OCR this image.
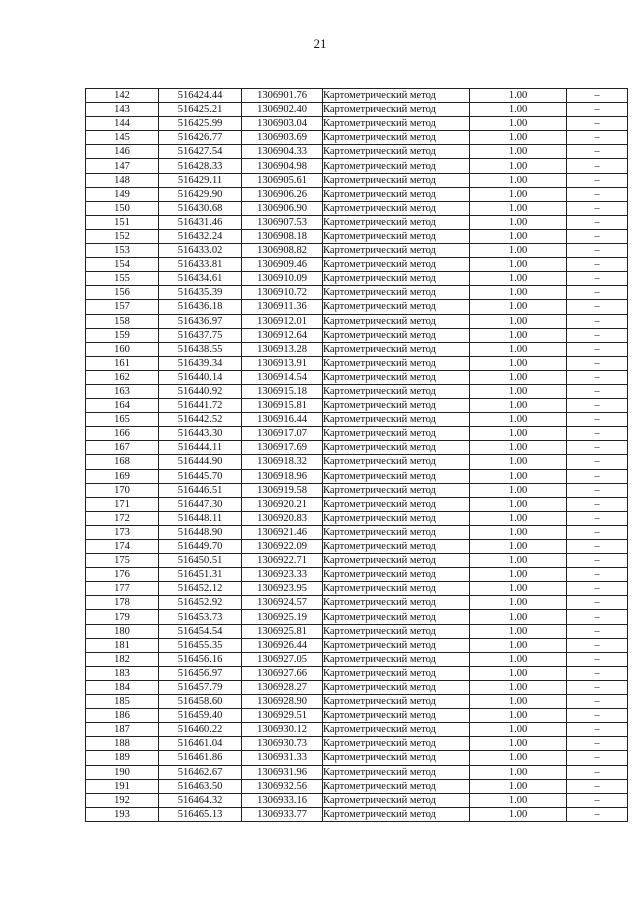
21
142	516424.44	1306901.76	Картометрический метод	1.00	–
143	516425.21	1306902.40	Картометрический метод	1.00	–
144	516425.99	1306903.04	Картометрический метод	1.00	–
145	516426.77	1306903.69	Картометрический метод	1.00	–
146	516427.54	1306904.33	Картометрический метод	1.00	–
147	516428.33	1306904.98	Картометрический метод	1.00	–
148	516429.11	1306905.61	Картометрический метод	1.00	–
149	516429.90	1306906.26	Картометрический метод	1.00	–
150	516430.68	1306906.90	Картометрический метод	1.00	–
151	516431.46	1306907.53	Картометрический метод	1.00	–
152	516432.24	1306908.18	Картометрический метод	1.00	–
153	516433.02	1306908.82	Картометрический метод	1.00	–
154	516433.81	1306909.46	Картометрический метод	1.00	–
155	516434.61	1306910.09	Картометрический метод	1.00	–
156	516435.39	1306910.72	Картометрический метод	1.00	–
157	516436.18	1306911.36	Картометрический метод	1.00	–
158	516436.97	1306912.01	Картометрический метод	1.00	–
159	516437.75	1306912.64	Картометрический метод	1.00	–
160	516438.55	1306913.28	Картометрический метод	1.00	–
161	516439.34	1306913.91	Картометрический метод	1.00	–
162	516440.14	1306914.54	Картометрический метод	1.00	–
163	516440.92	1306915.18	Картометрический метод	1.00	–
164	516441.72	1306915.81	Картометрический метод	1.00	–
165	516442.52	1306916.44	Картометрический метод	1.00	–
166	516443.30	1306917.07	Картометрический метод	1.00	–
167	516444.11	1306917.69	Картометрический метод	1.00	–
168	516444.90	1306918.32	Картометрический метод	1.00	–
169	516445.70	1306918.96	Картометрический метод	1.00	–
170	516446.51	1306919.58	Картометрический метод	1.00	–
171	516447.30	1306920.21	Картометрический метод	1.00	–
172	516448.11	1306920.83	Картометрический метод	1.00	–
173	516448.90	1306921.46	Картометрический метод	1.00	–
174	516449.70	1306922.09	Картометрический метод	1.00	–
175	516450.51	1306922.71	Картометрический метод	1.00	–
176	516451.31	1306923.33	Картометрический метод	1.00	–
177	516452.12	1306923.95	Картометрический метод	1.00	–
178	516452.92	1306924.57	Картометрический метод	1.00	–
179	516453.73	1306925.19	Картометрический метод	1.00	–
180	516454.54	1306925.81	Картометрический метод	1.00	–
181	516455.35	1306926.44	Картометрический метод	1.00	–
182	516456.16	1306927.05	Картометрический метод	1.00	–
183	516456.97	1306927.66	Картометрический метод	1.00	–
184	516457.79	1306928.27	Картометрический метод	1.00	–
185	516458.60	1306928.90	Картометрический метод	1.00	–
186	516459.40	1306929.51	Картометрический метод	1.00	–
187	516460.22	1306930.12	Картометрический метод	1.00	–
188	516461.04	1306930.73	Картометрический метод	1.00	–
189	516461.86	1306931.33	Картометрический метод	1.00	–
190	516462.67	1306931.96	Картометрический метод	1.00	–
191	516463.50	1306932.56	Картометрический метод	1.00	–
192	516464.32	1306933.16	Картометрический метод	1.00	–
193	516465.13	1306933.77	Картометрический метод	1.00	–
